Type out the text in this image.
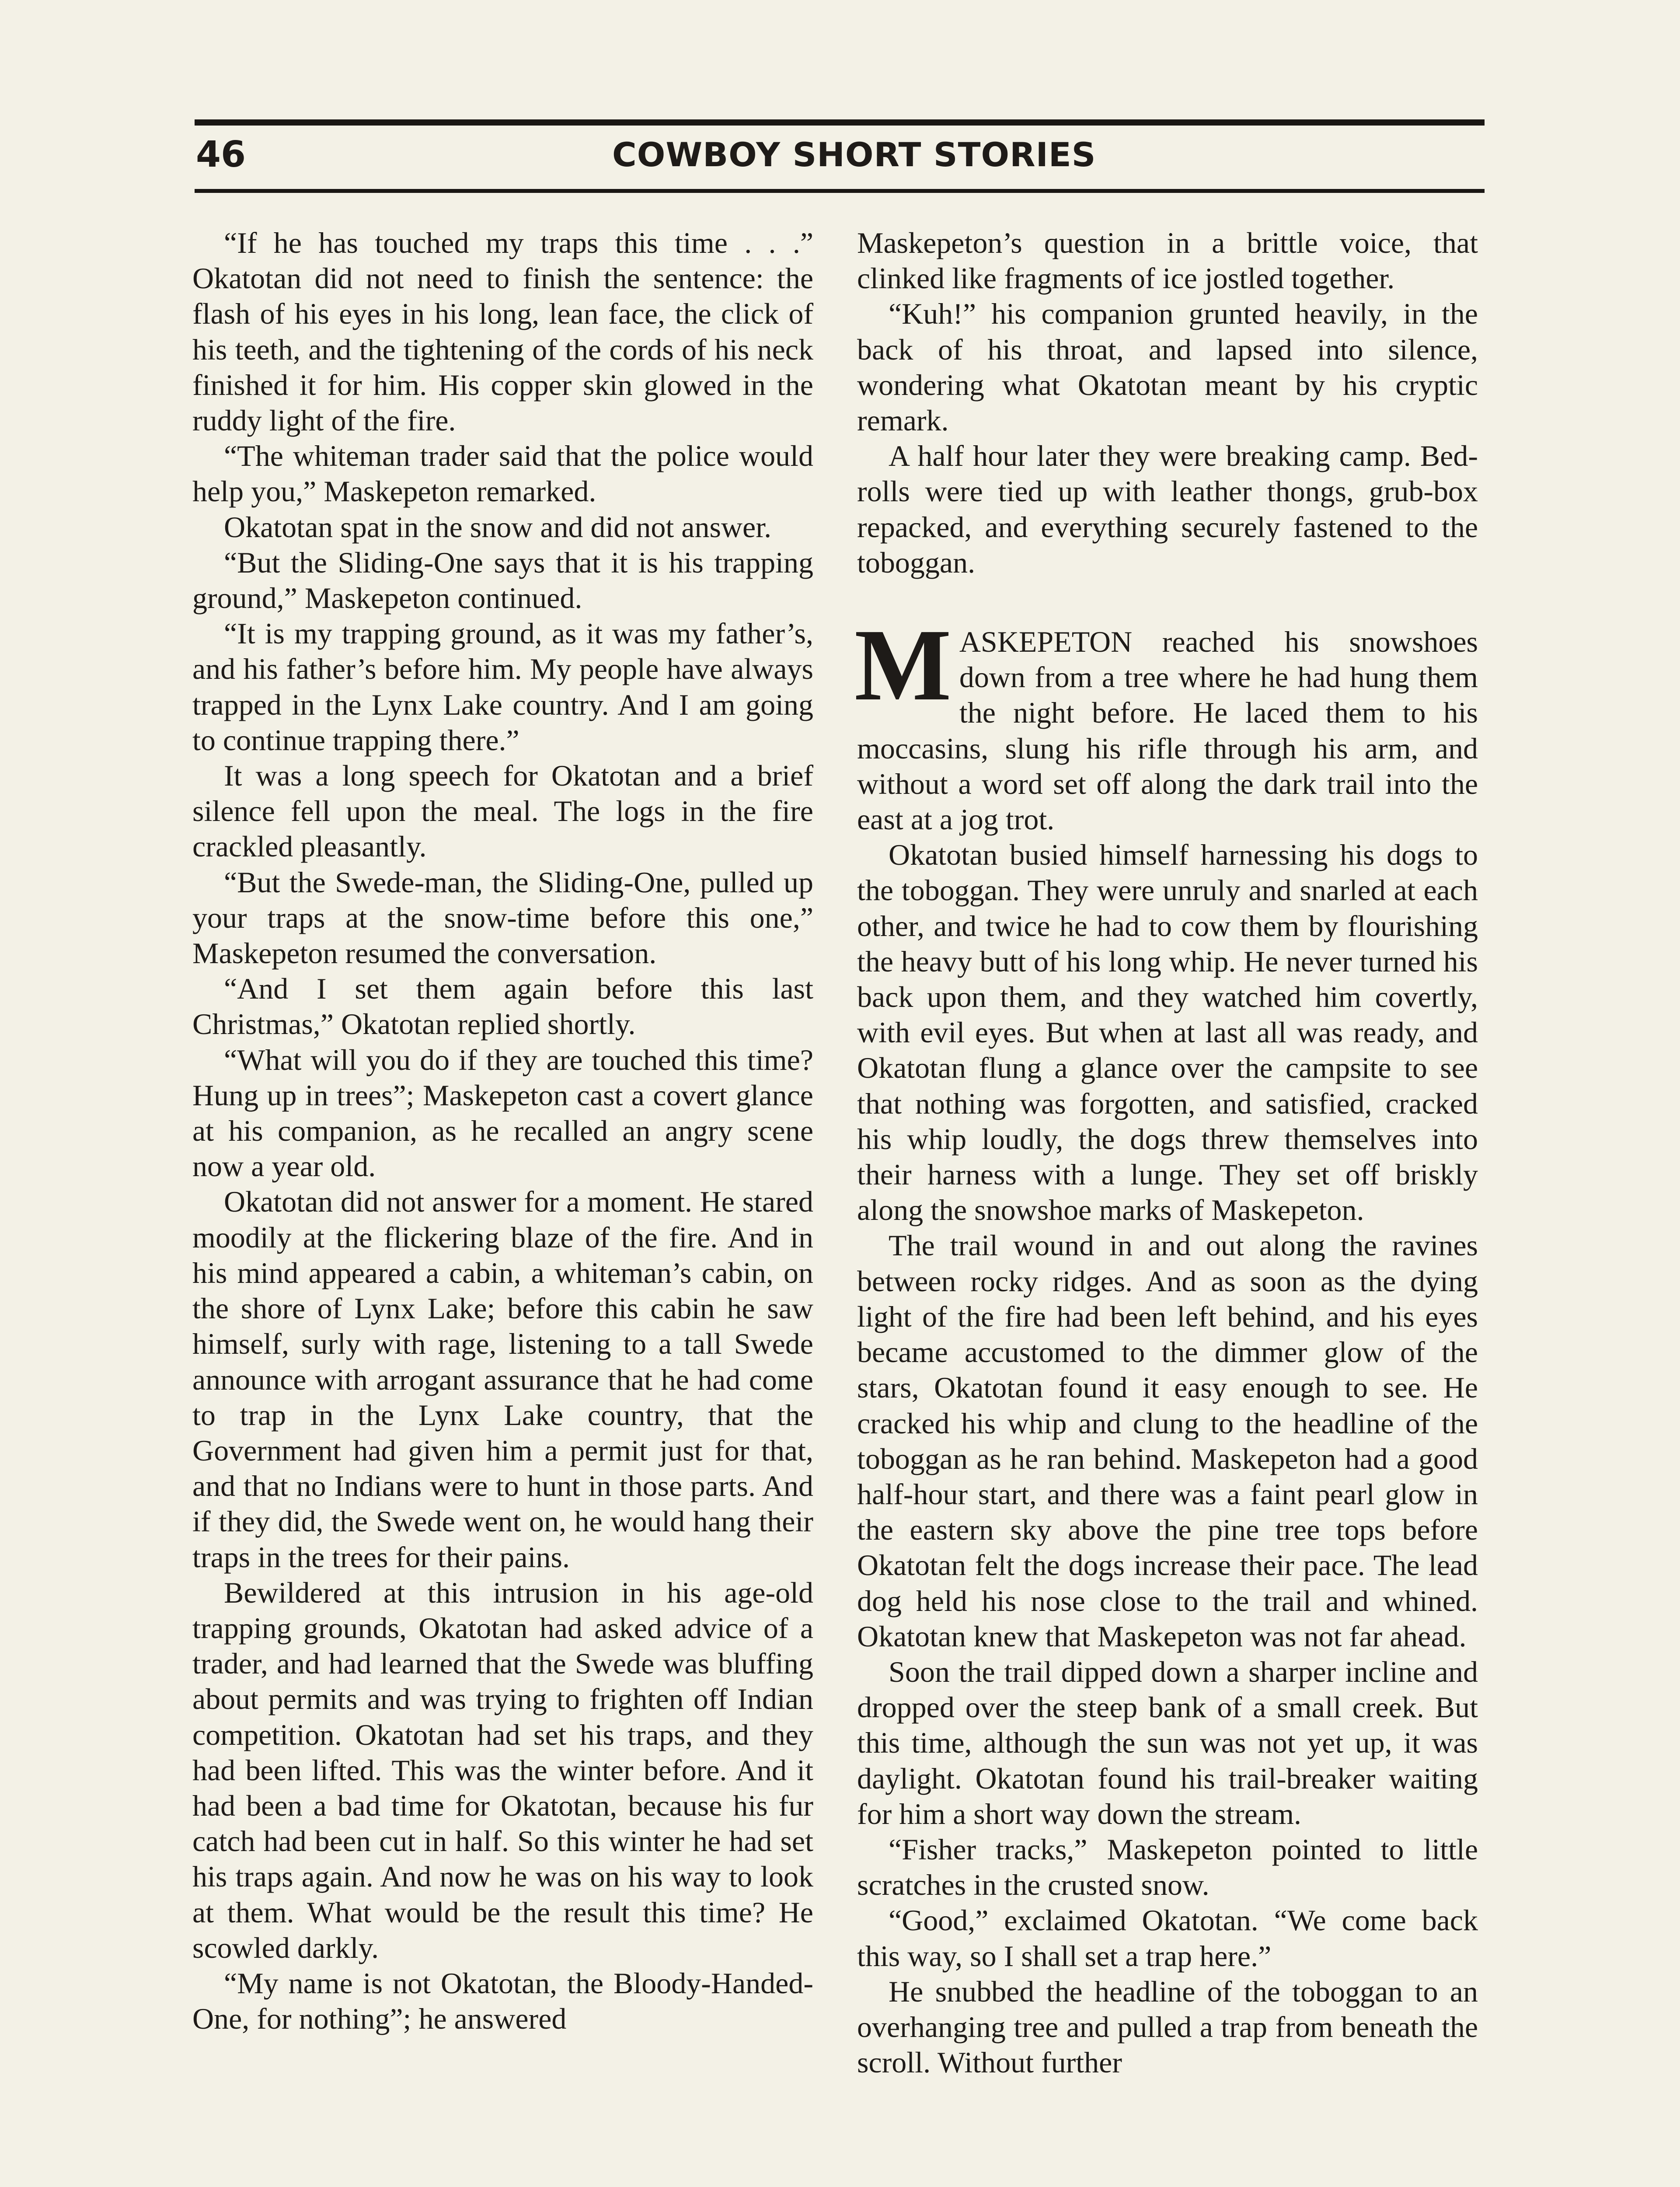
46	COWBOY SHORT STORIES

“If he has touched my traps this time . . .” Okatotan did not need to finish the sentence: the flash of his eyes in his long, lean face, the click of his teeth, and the tightening of the cords of his neck finished it for him. His copper skin glowed in the ruddy light of the fire.

“The whiteman trader said that the police would help you,” Maskepeton remarked.

Okatotan spat in the snow and did not answer.

“But the Sliding-One says that it is his trapping ground,” Maskepeton continued.

“It is my trapping ground, as it was my father’s, and his father’s before him. My people have always trapped in the Lynx Lake country. And I am going to continue trapping there.”

It was a long speech for Okatotan and a brief silence fell upon the meal. The logs in the fire crackled pleasantly.

“But the Swede-man, the Sliding-One, pulled up your traps at the snow-time before this one,” Maskepeton resumed the conversation.

“And I set them again before this last Christmas,” Okatotan replied shortly.

“What will you do if they are touched this time? Hung up in trees”; Maskepeton cast a covert glance at his companion, as he recalled an angry scene now a year old.

Okatotan did not answer for a moment. He stared moodily at the flickering blaze of the fire. And in his mind appeared a cabin, a whiteman’s cabin, on the shore of Lynx Lake; before this cabin he saw himself, surly with rage, listening to a tall Swede announce with arrogant assurance that he had come to trap in the Lynx Lake country, that the Government had given him a permit just for that, and that no Indians were to hunt in those parts. And if they did, the Swede went on, he would hang their traps in the trees for their pains.

Bewildered at this intrusion in his age-old trapping grounds, Okatotan had asked advice of a trader, and had learned that the Swede was bluffing about permits and was trying to frighten off Indian competition. Okatotan had set his traps, and they had been lifted. This was the winter before. And it had been a bad time for Okatotan, because his fur catch had been cut in half. So this winter he had set his traps again. And now he was on his way to look at them. What would be the result this time? He scowled darkly.

“My name is not Okatotan, the Bloody-Handed-One, for nothing”; he answered

Maskepeton’s question in a brittle voice, that clinked like fragments of ice jostled together.

“Kuh!” his companion grunted heavily, in the back of his throat, and lapsed into silence, wondering what Okatotan meant by his cryptic remark.

A half hour later they were breaking camp. Bed-rolls were tied up with leather thongs, grub-box repacked, and everything securely fastened to the toboggan.

MASKEPETON reached his snowshoes down from a tree where he had hung them the night before. He laced them to his moccasins, slung his rifle through his arm, and without a word set off along the dark trail into the east at a jog trot.

Okatotan busied himself harnessing his dogs to the toboggan. They were unruly and snarled at each other, and twice he had to cow them by flourishing the heavy butt of his long whip. He never turned his back upon them, and they watched him covertly, with evil eyes. But when at last all was ready, and Okatotan flung a glance over the campsite to see that nothing was forgotten, and satisfied, cracked his whip loudly, the dogs threw themselves into their harness with a lunge. They set off briskly along the snowshoe marks of Maskepeton.

The trail wound in and out along the ravines between rocky ridges. And as soon as the dying light of the fire had been left behind, and his eyes became accustomed to the dimmer glow of the stars, Okatotan found it easy enough to see. He cracked his whip and clung to the headline of the toboggan as he ran behind. Maskepeton had a good half-hour start, and there was a faint pearl glow in the eastern sky above the pine tree tops before Okatotan felt the dogs increase their pace. The lead dog held his nose close to the trail and whined. Okatotan knew that Maskepeton was not far ahead.

Soon the trail dipped down a sharper incline and dropped over the steep bank of a small creek. But this time, although the sun was not yet up, it was daylight. Okatotan found his trail-breaker waiting for him a short way down the stream.

“Fisher tracks,” Maskepeton pointed to little scratches in the crusted snow.

“Good,” exclaimed Okatotan. “We come back this way, so I shall set a trap here.”

He snubbed the headline of the toboggan to an overhanging tree and pulled a trap from beneath the scroll. Without further
